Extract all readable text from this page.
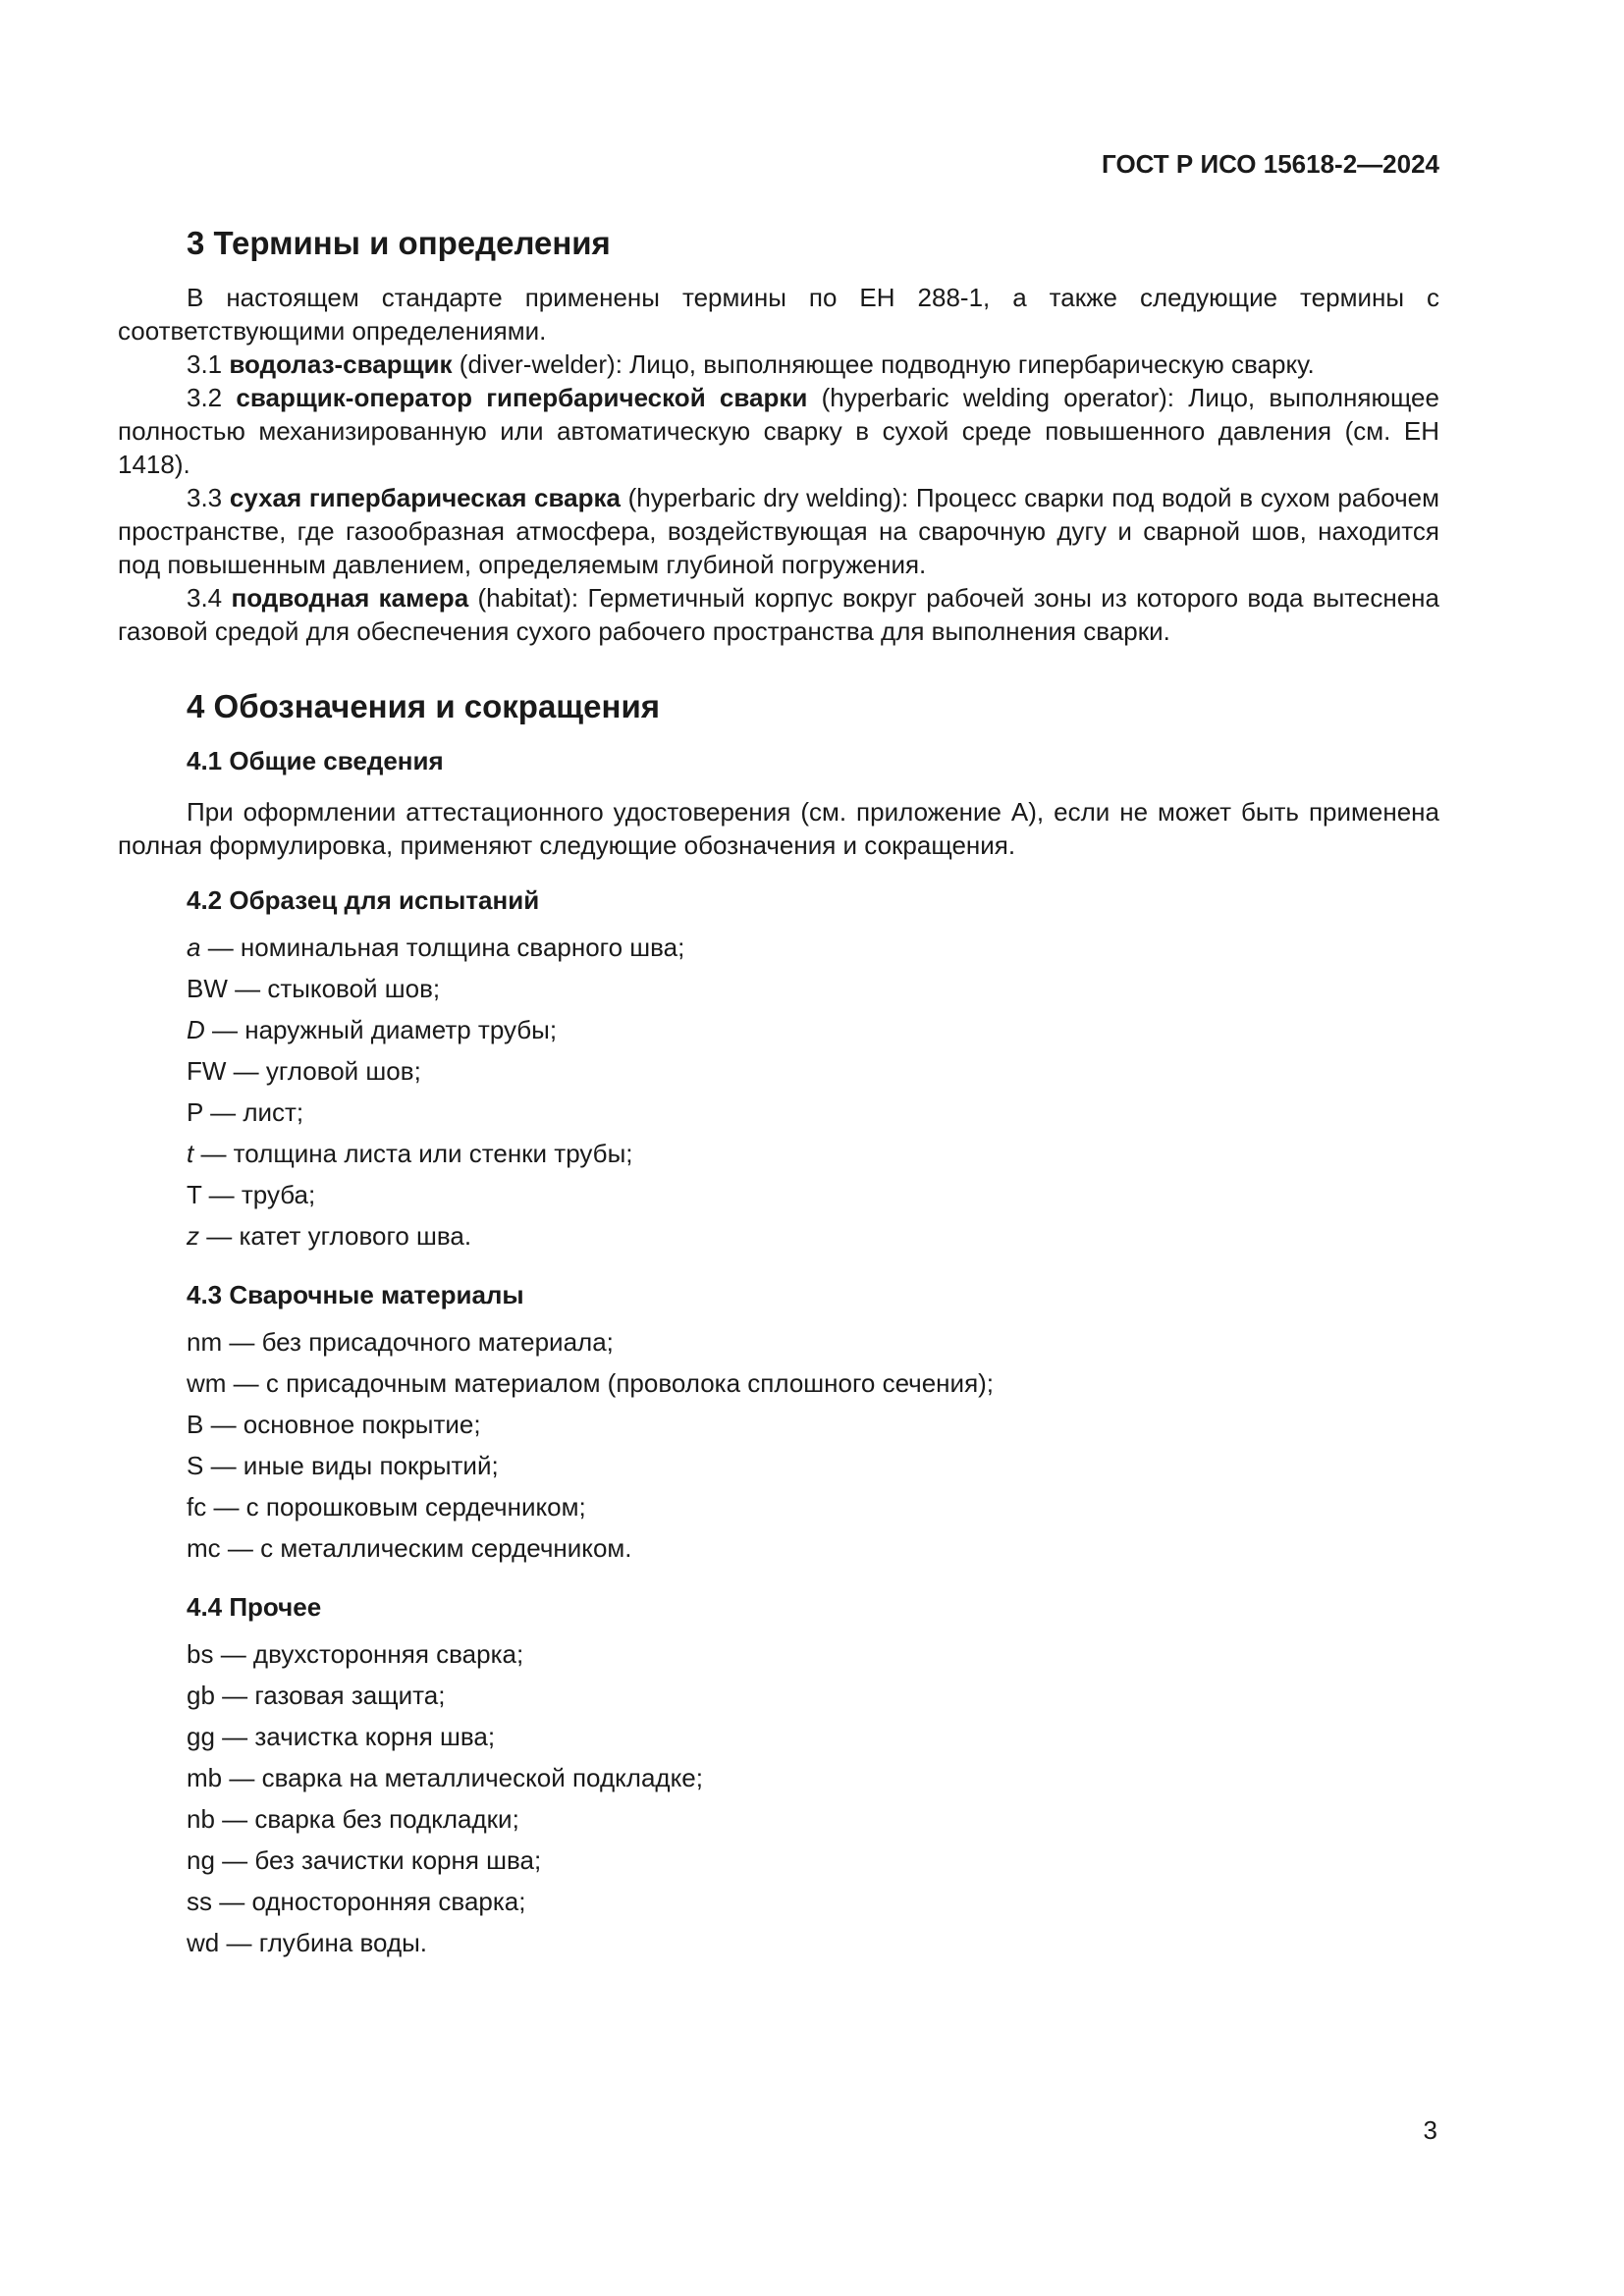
ГОСТ Р ИСО 15618-2—2024
3 Термины и определения

В настоящем стандарте применены термины по ЕН 288-1, а также следующие термины с соответствующими определениями.

3.1 водолаз-сварщик (diver-welder): Лицо, выполняющее подводную гипербарическую сварку.

3.2 сварщик-оператор гипербарической сварки (hyperbaric welding operator): Лицо, выполняющее полностью механизированную или автоматическую сварку в сухой среде повышенного давления (см. ЕН 1418).

3.3 сухая гипербарическая сварка (hyperbaric dry welding): Процесс сварки под водой в сухом рабочем пространстве, где газообразная атмосфера, воздействующая на сварочную дугу и сварной шов, находится под повышенным давлением, определяемым глубиной погружения.

3.4 подводная камера (habitat): Герметичный корпус вокруг рабочей зоны из которого вода вытеснена газовой средой для обеспечения сухого рабочего пространства для выполнения сварки.

4 Обозначения и сокращения
4.1 Общие сведения

При оформлении аттестационного удостоверения (см. приложение А), если не может быть применена полная формулировка, применяют следующие обозначения и сокращения.

4.2 Образец для испытаний
a — номинальная толщина сварного шва;
BW — стыковой шов;
D — наружный диаметр трубы;
FW — угловой шов;
P — лист;
t — толщина листа или стенки трубы;
T — труба;
z — катет углового шва.
4.3 Сварочные материалы
nm — без присадочного материала;
wm — с присадочным материалом (проволока сплошного сечения);
B — основное покрытие;
S — иные виды покрытий;
fc — с порошковым сердечником;
mc — с металлическим сердечником.
4.4 Прочее
bs — двухсторонняя сварка;
gb — газовая защита;
gg — зачистка корня шва;
mb — сварка на металлической подкладке;
nb — сварка без подкладки;
ng — без зачистки корня шва;
ss — односторонняя сварка;
wd — глубина воды.
3
